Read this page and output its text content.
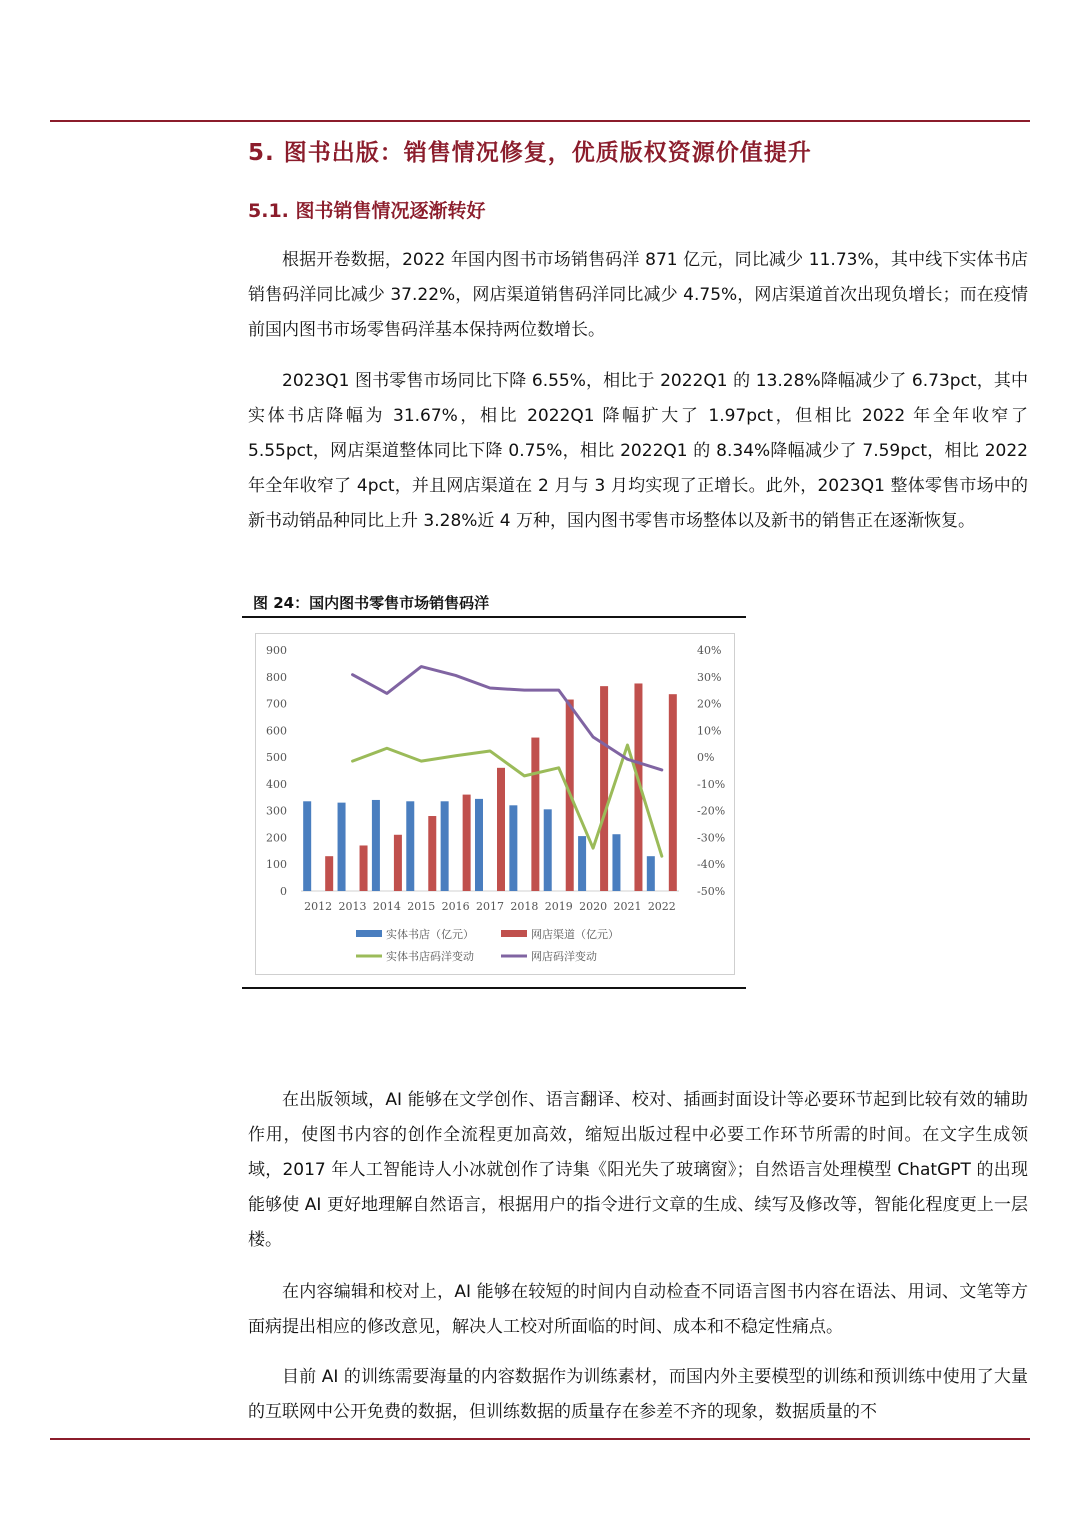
5. 图书出版：销售情况修复，优质版权资源价值提升
5.1. 图书销售情况逐渐转好

根据开卷数据，2022 年国内图书市场销售码洋 871 亿元，同比减少 11.73%，其中线下实体书店销售码洋同比减少 37.22%，网店渠道销售码洋同比减少 4.75%，网店渠道首次出现负增长；而在疫情前国内图书市场零售码洋基本保持两位数增长。

2023Q1 图书零售市场同比下降 6.55%，相比于 2022Q1 的 13.28%降幅减少了 6.73pct，其中实体书店降幅为 31.67%，相比 2022Q1 降幅扩大了 1.97pct，但相比 2022 年全年收窄了 5.55pct，网店渠道整体同比下降 0.75%，相比 2022Q1 的 8.34%降幅减少了 7.59pct，相比 2022 年全年收窄了 4pct，并且网店渠道在 2 月与 3 月均实现了正增长。此外，2023Q1 整体零售市场中的新书动销品种同比上升 3.28%近 4 万种，国内图书零售市场整体以及新书的销售正在逐渐恢复。

图 24：国内图书零售市场销售码洋

0
100
200
300
400
500
600
700
800
900
-50%
-40%
-30%
-20%
-10%
0%
10%
20%
30%
40%
2012 2013 2014 2015 2016 2017 2018 2019 2020 2021 2022
实体书店（亿元）	网店渠道（亿元）
实体书店码洋变动	网店码洋变动

在出版领域，AI 能够在文学创作、语言翻译、校对、插画封面设计等必要环节起到比较有效的辅助作用，使图书内容的创作全流程更加高效，缩短出版过程中必要工作环节所需的时间。在文字生成领域，2017 年人工智能诗人小冰就创作了诗集《阳光失了玻璃窗》；自然语言处理模型 ChatGPT 的出现能够使 AI 更好地理解自然语言，根据用户的指令进行文章的生成、续写及修改等，智能化程度更上一层楼。

在内容编辑和校对上，AI 能够在较短的时间内自动检查不同语言图书内容在语法、用词、文笔等方面病提出相应的修改意见，解决人工校对所面临的时间、成本和不稳定性痛点。

目前 AI 的训练需要海量的内容数据作为训练素材，而国内外主要模型的训练和预训练中使用了大量的互联网中公开免费的数据，但训练数据的质量存在参差不齐的现象，数据质量的不
